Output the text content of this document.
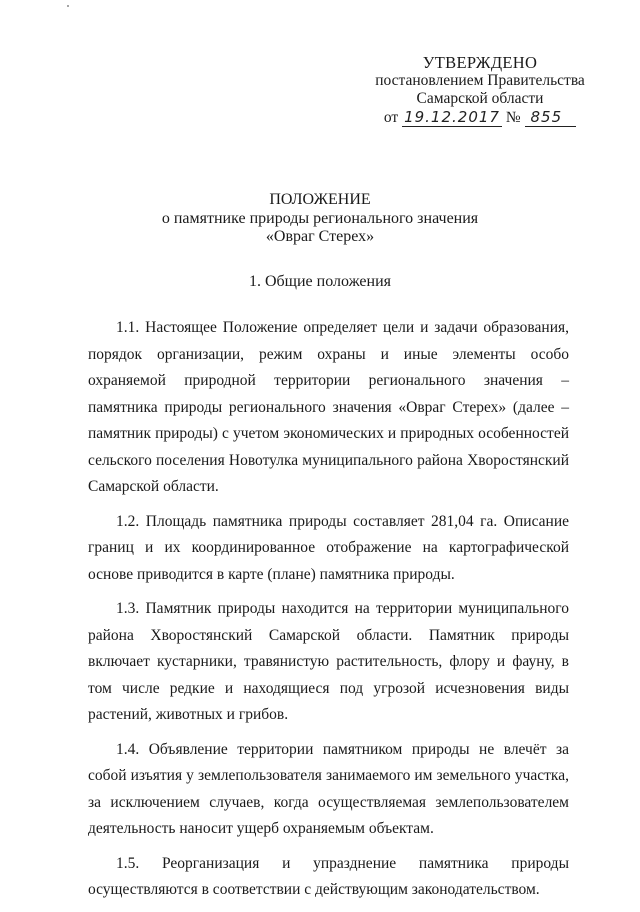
УТВЕРЖДЕНО
постановлением Правительства
Самарской области
от 19.12.2017 № 855
ПОЛОЖЕНИЕ
о памятнике природы регионального значения
«Овраг Стерех»
1. Общие положения

1.1. Настоящее Положение определяет цели и задачи образования, порядок организации, режим охраны и иные элементы особо охраняемой природной территории регионального значения – памятника природы регионального значения «Овраг Стерех» (далее – памятник природы) с учетом экономических и природных особенностей сельского поселения Новотулка муниципального района Хворостянский Самарской области.

1.2. Площадь памятника природы составляет 281,04 га. Описание границ и их координированное отображение на картографической основе приводится в карте (плане) памятника природы.

1.3. Памятник природы находится на территории муниципального района Хворостянский Самарской области. Памятник природы включает кустарники, травянистую растительность, флору и фауну, в том числе редкие и находящиеся под угрозой исчезновения виды растений, животных и грибов.

1.4. Объявление территории памятником природы не влечёт за собой изъятия у землепользователя занимаемого им земельного участка, за исключением случаев, когда осуществляемая землепользователем деятельность наносит ущерб охраняемым объектам.

1.5. Реорганизация и упразднение памятника природы осуществляются в соответствии с действующим законодательством.
